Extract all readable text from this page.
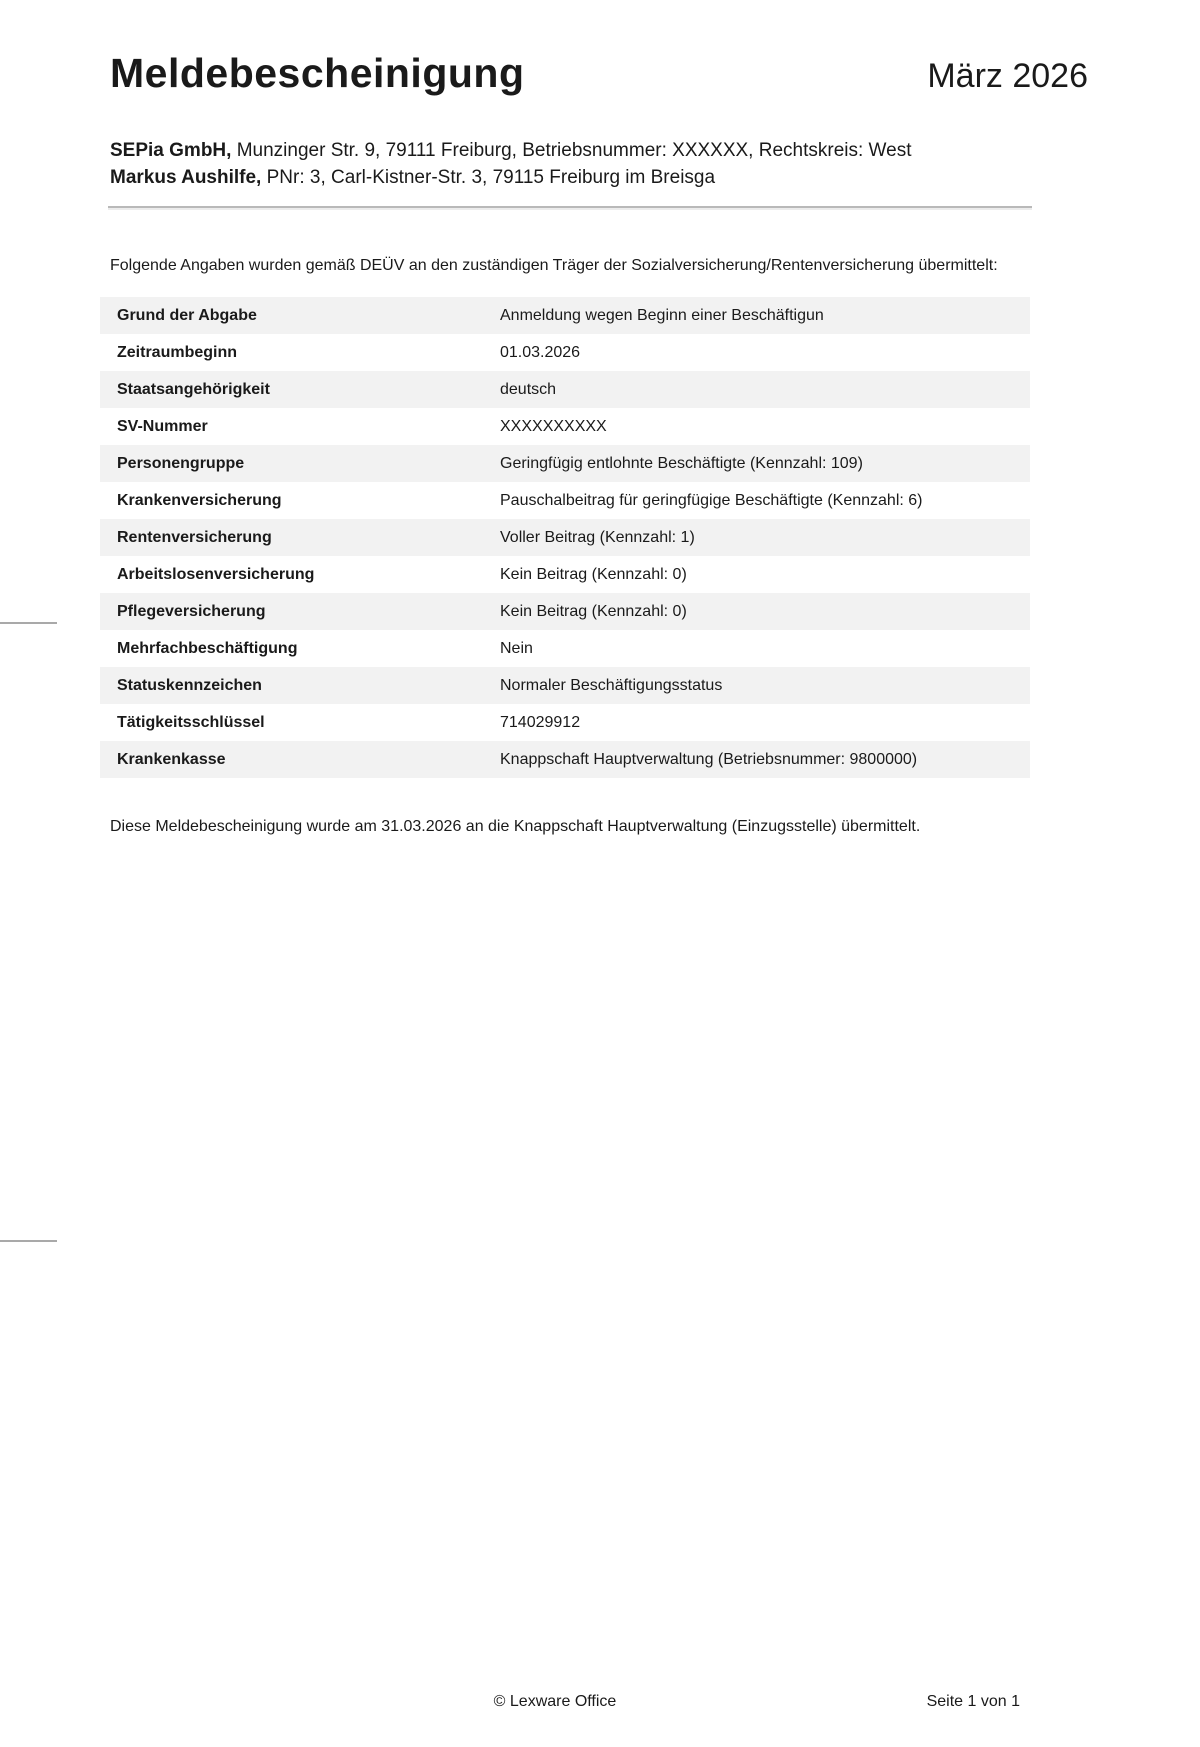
Meldebescheinigung	März 2026
SEPia GmbH, Munzinger Str. 9, 79111 Freiburg, Betriebsnummer: XXXXXX, Rechtskreis: West
Markus Aushilfe, PNr: 3, Carl-Kistner-Str. 3, 79115 Freiburg im Breisga
Folgende Angaben wurden gemäß DEÜV an den zuständigen Träger der Sozialversicherung/Rentenversicherung übermittelt:
Grund der Abgabe	Anmeldung wegen Beginn einer Beschäftigun
Zeitraumbeginn	01.03.2026
Staatsangehörigkeit	deutsch
SV-Nummer	XXXXXXXXXX
Personengruppe	Geringfügig entlohnte Beschäftigte (Kennzahl: 109)
Krankenversicherung	Pauschalbeitrag für geringfügige Beschäftigte (Kennzahl: 6)
Rentenversicherung	Voller Beitrag (Kennzahl: 1)
Arbeitslosenversicherung	Kein Beitrag (Kennzahl: 0)
Pflegeversicherung	Kein Beitrag (Kennzahl: 0)
Mehrfachbeschäftigung	Nein
Statuskennzeichen	Normaler Beschäftigungsstatus
Tätigkeitsschlüssel	714029912
Krankenkasse	Knappschaft Hauptverwaltung (Betriebsnummer: 9800000)
Diese Meldebescheinigung wurde am 31.03.2026 an die Knappschaft Hauptverwaltung (Einzugsstelle) übermittelt.
© Lexware Office	Seite 1 von 1
